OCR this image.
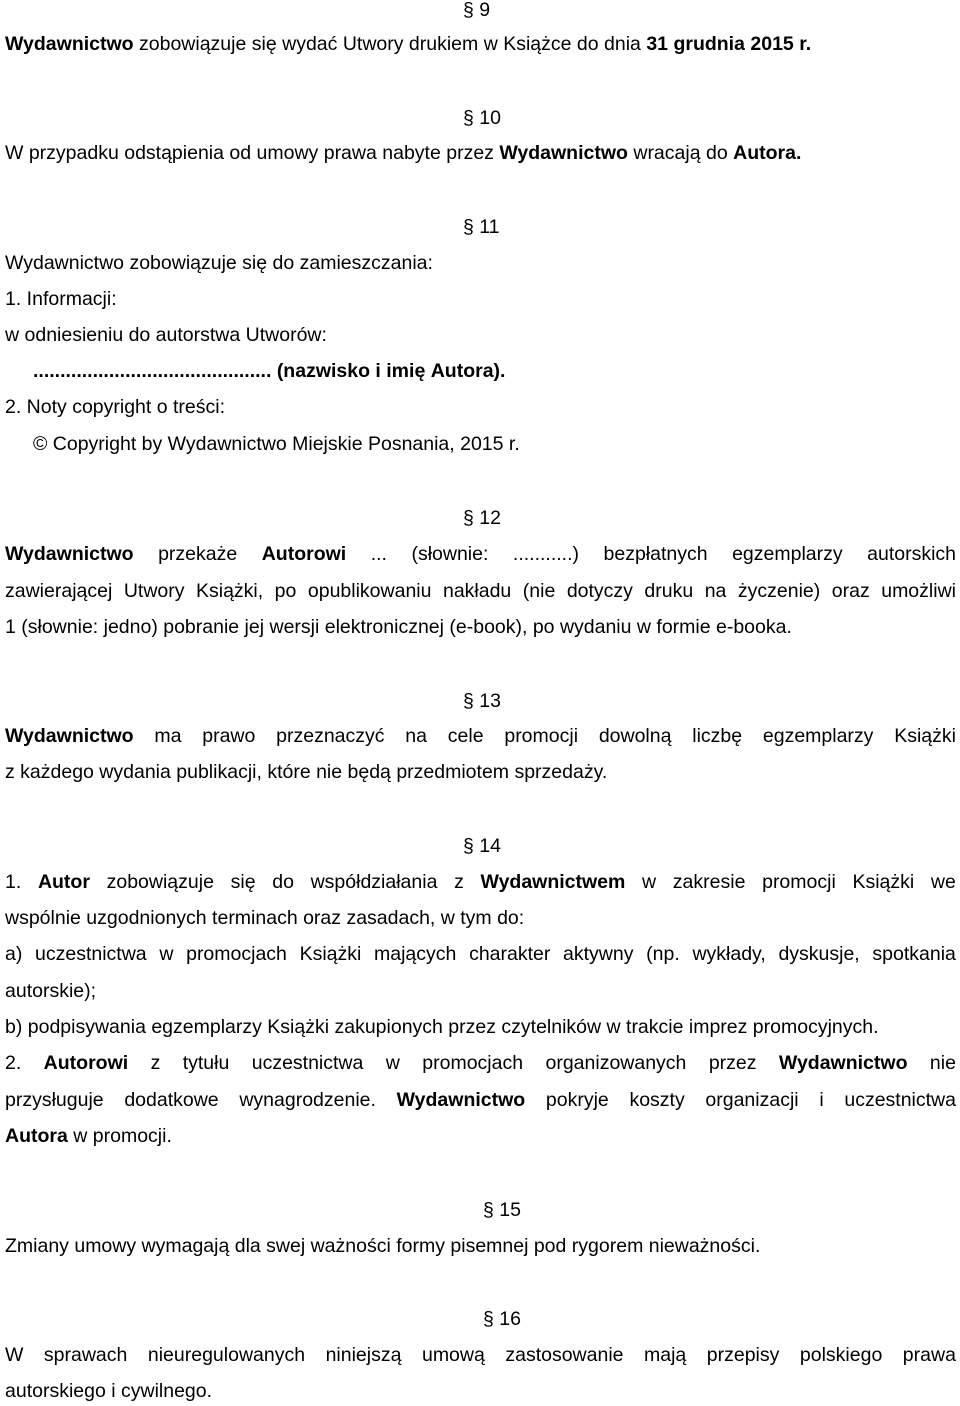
§ 9
Wydawnictwo zobowiązuje się wydać Utwory drukiem w Książce do dnia 31 grudnia 2015 r.
§ 10
W przypadku odstąpienia od umowy prawa nabyte przez Wydawnictwo wracają do Autora.
§ 11
Wydawnictwo zobowiązuje się do zamieszczania:
1. Informacji:
w odniesieniu do autorstwa Utworów:
............................................ (nazwisko i imię Autora).
2. Noty copyright o treści:
© Copyright by Wydawnictwo Miejskie Posnania, 2015 r.
§ 12
Wydawnictwo przekaże Autorowi ... (słownie: ...........) bezpłatnych egzemplarzy autorskich
zawierającej Utwory Książki, po opublikowaniu nakładu (nie dotyczy druku na życzenie) oraz umożliwi
1 (słownie: jedno) pobranie jej wersji elektronicznej (e-book), po wydaniu w formie e-booka.
§ 13
Wydawnictwo ma prawo przeznaczyć na cele promocji dowolną liczbę egzemplarzy Książki
z każdego wydania publikacji, które nie będą przedmiotem sprzedaży.
§ 14
1. Autor zobowiązuje się do współdziałania z Wydawnictwem w zakresie promocji Książki we
wspólnie uzgodnionych terminach oraz zasadach, w tym do:
a) uczestnictwa w promocjach Książki mających charakter aktywny (np. wykłady, dyskusje, spotkania
autorskie);
b) podpisywania egzemplarzy Książki zakupionych przez czytelników w trakcie imprez promocyjnych.
2. Autorowi z tytułu uczestnictwa w promocjach organizowanych przez Wydawnictwo nie
przysługuje dodatkowe wynagrodzenie. Wydawnictwo pokryje koszty organizacji i uczestnictwa
Autora w promocji.
§ 15
Zmiany umowy wymagają dla swej ważności formy pisemnej pod rygorem nieważności.
§ 16
W sprawach nieuregulowanych niniejszą umową zastosowanie mają przepisy polskiego prawa
autorskiego i cywilnego.
